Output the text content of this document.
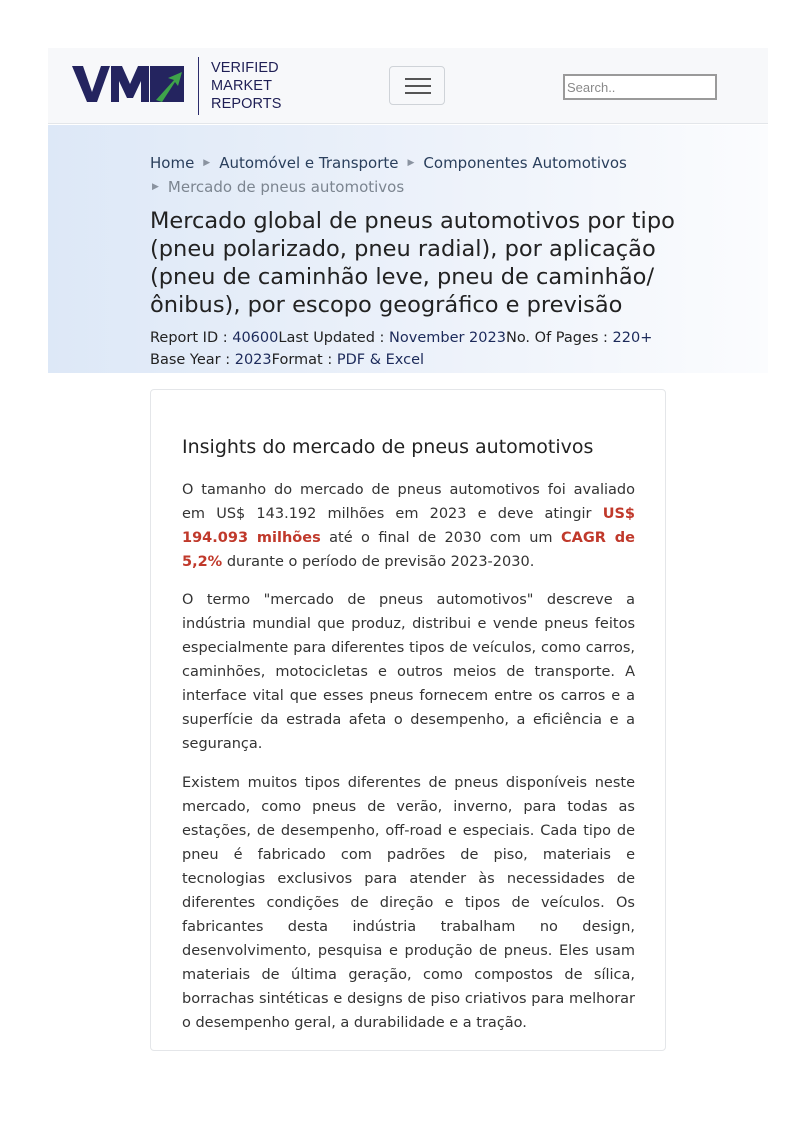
VERIFIED
MARKET
REPORTS
Search..
Home ▶ Automóvel e Transporte ▶ Componentes Automotivos
▶ Mercado de pneus automotivos
Mercado global de pneus automotivos por tipo (pneu polarizado, pneu radial), por aplicação (pneu de caminhão leve, pneu de caminhão/ ônibus), por escopo geográfico e previsão
Report ID : 40600Last Updated : November 2023No. Of Pages : 220+
Base Year : 2023Format : PDF & Excel
Insights do mercado de pneus automotivos

O tamanho do mercado de pneus automotivos foi avaliado em US$ 143.192 milhões em 2023 e deve atingir US$ 194.093 milhões até o final de 2030 com um CAGR de 5,2% durante o período de previsão 2023-2030.

O termo "mercado de pneus automotivos" descreve a indústria mundial que produz, distribui e vende pneus feitos especialmente para diferentes tipos de veículos, como carros, caminhões, motocicletas e outros meios de transporte. A interface vital que esses pneus fornecem entre os carros e a superfície da estrada afeta o desempenho, a eficiência e a segurança.

Existem muitos tipos diferentes de pneus disponíveis neste mercado, como pneus de verão, inverno, para todas as estações, de desempenho, off-road e especiais. Cada tipo de pneu é fabricado com padrões de piso, materiais e tecnologias exclusivos para atender às necessidades de diferentes condições de direção e tipos de veículos. Os fabricantes desta indústria trabalham no design, desenvolvimento, pesquisa e produção de pneus. Eles usam materiais de última geração, como compostos de sílica, borrachas sintéticas e designs de piso criativos para melhorar o desempenho geral, a durabilidade e a tração.
